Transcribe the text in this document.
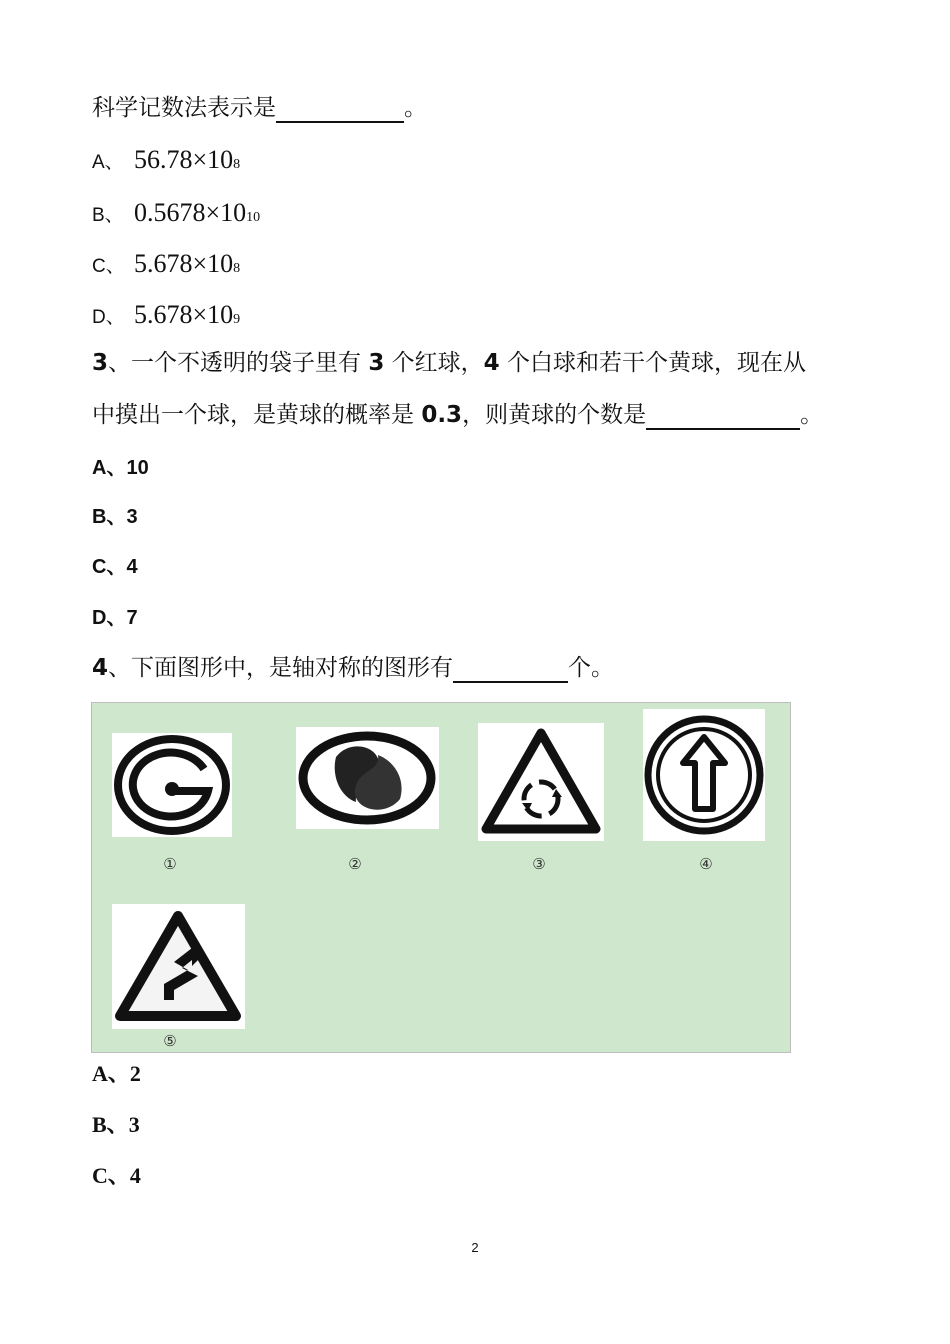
科学记数法表示是	。
A、 56.78×108
B、 0.5678×1010
C、 5.678×108
D、 5.678×109
3、一个不透明的袋子里有 3 个红球，4 个白球和若干个黄球，现在从
中摸出一个球，是黄球的概率是 0.3，则黄球的个数是	。
A、10
B、3
C、4
D、7
4、下面图形中，是轴对称的图形有	个。
①	②	③	④
⑤
A、2
B、3
C、4
2
